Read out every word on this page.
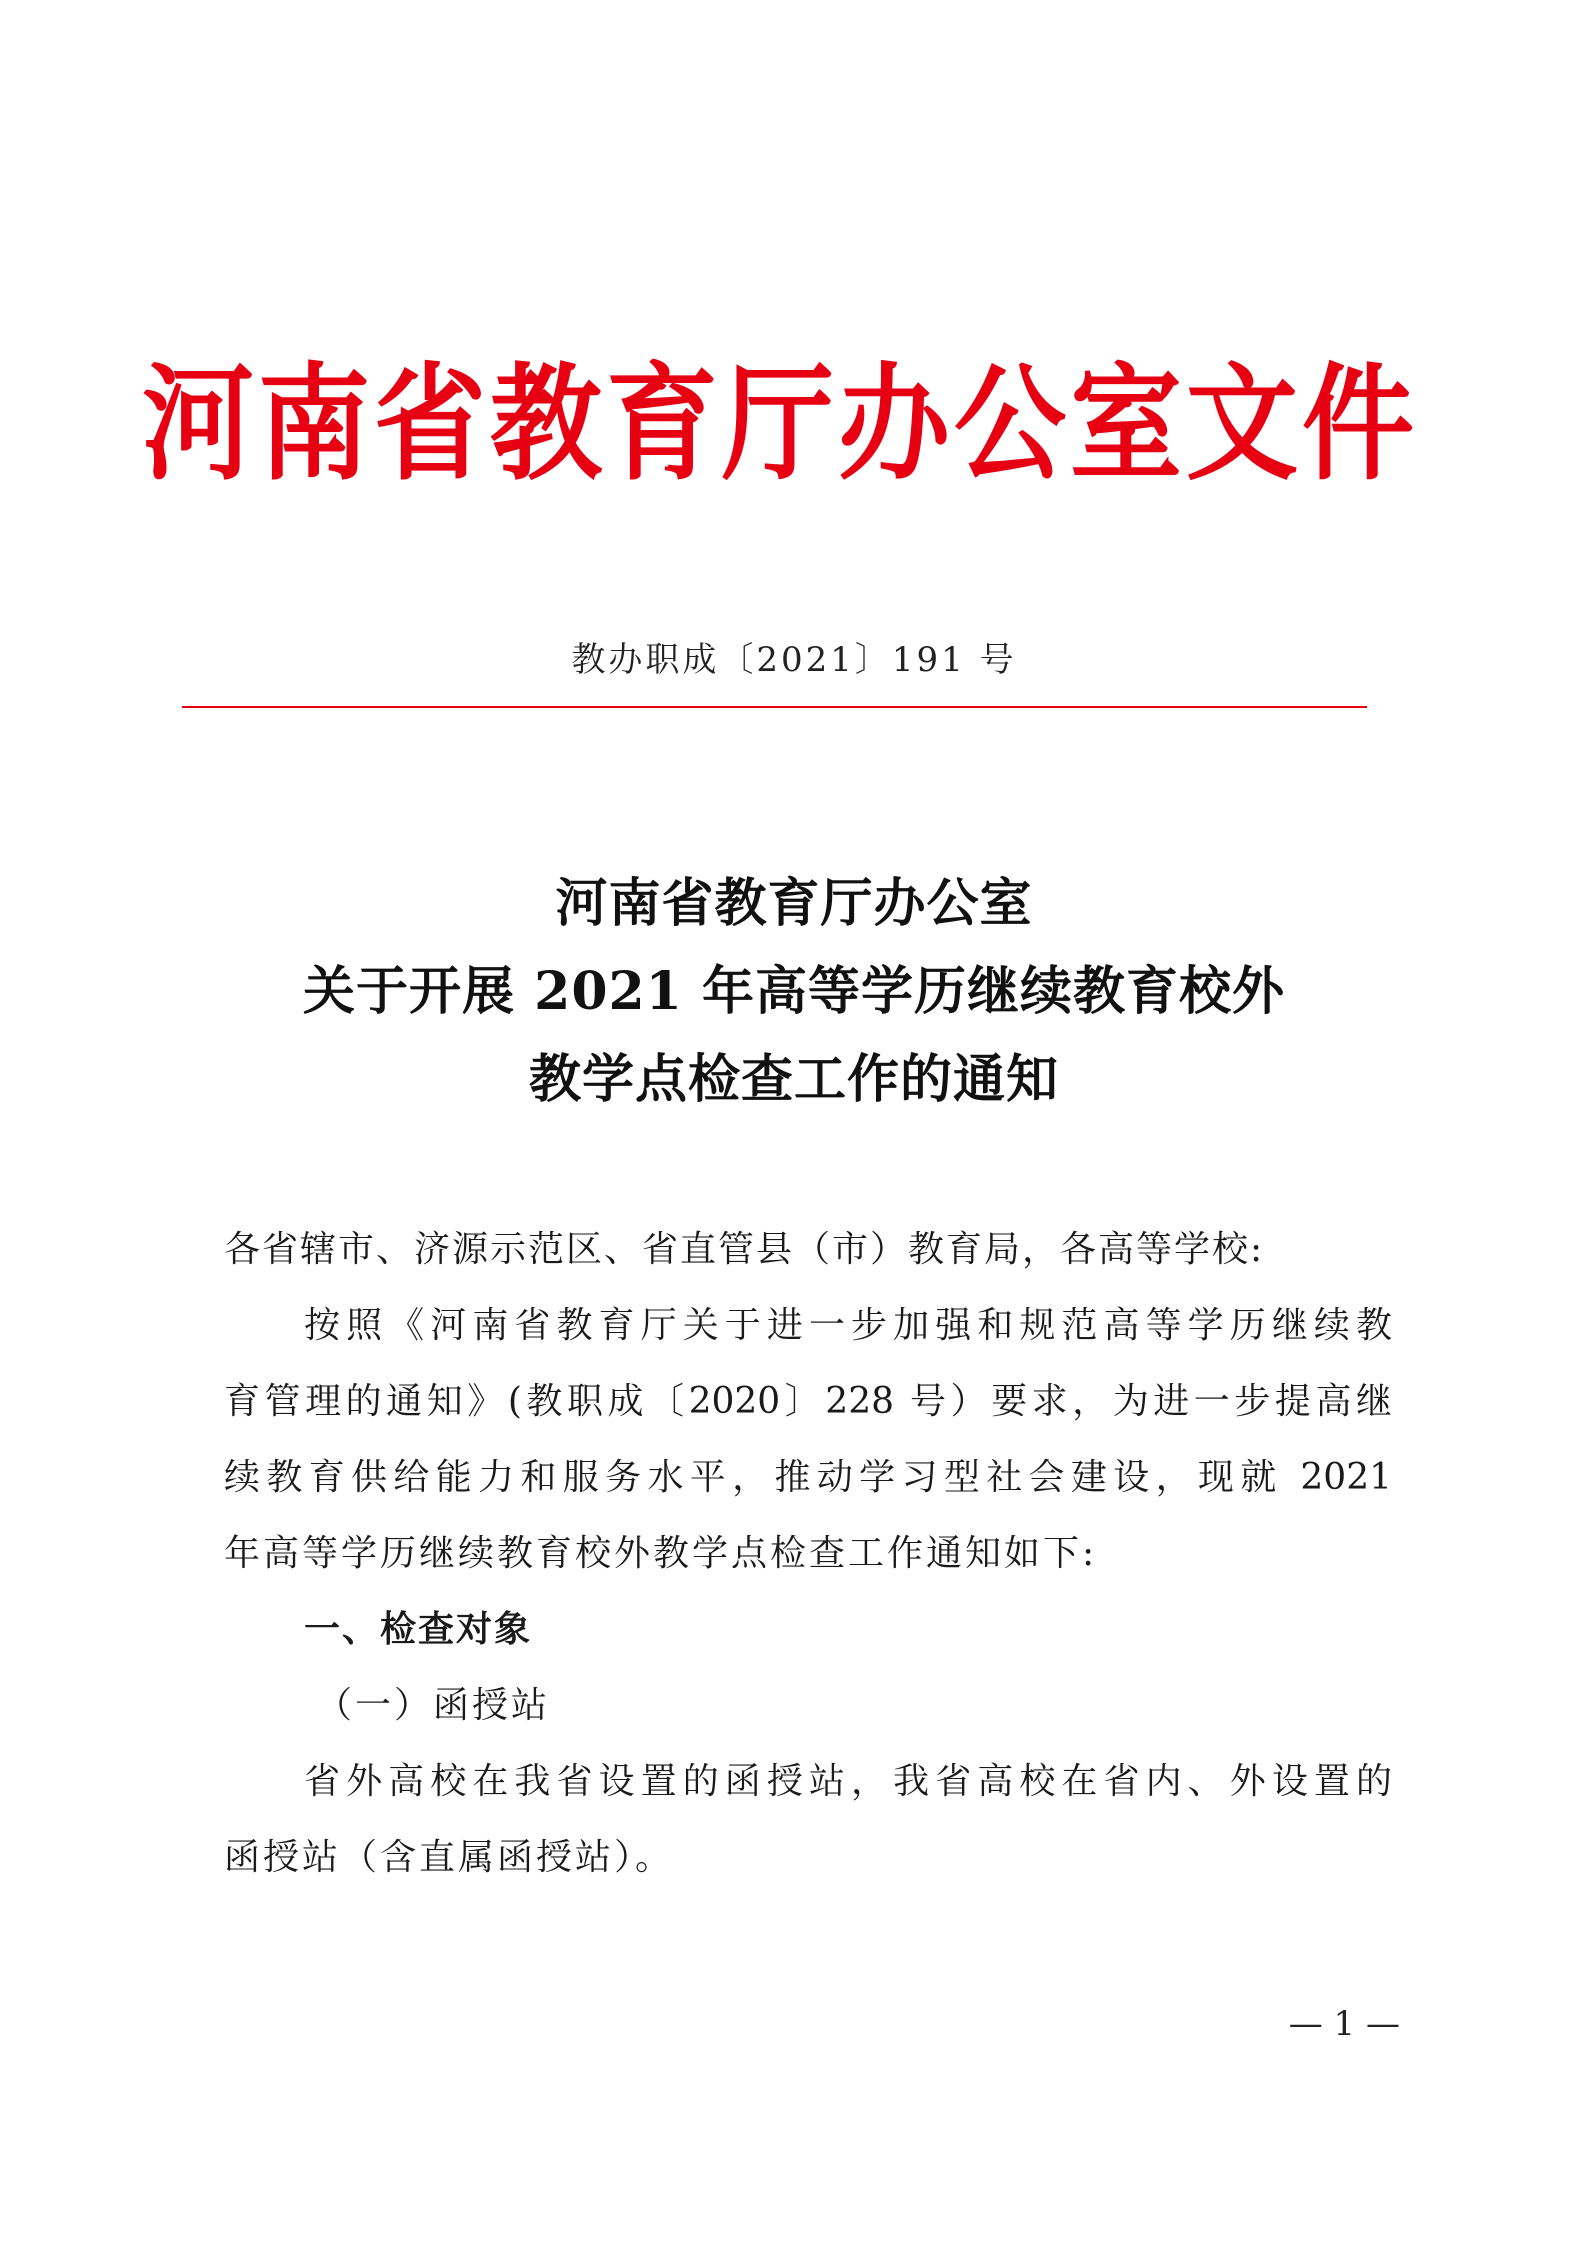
河南省教育厅办公室文件
教办职成〔2021〕191 号
河南省教育厅办公室
关于开展 2021 年高等学历继续教育校外
教学点检查工作的通知
各省辖市、济源示范区、省直管县（市）教育局，各高等学校:
按照《河南省教育厅关于进一步加强和规范高等学历继续教
育管理的通知》(教职成〔2020〕228 号）要求，为进一步提高继
续教育供给能力和服务水平，推动学习型社会建设，现就 2021
年高等学历继续教育校外教学点检查工作通知如下:
一、检查对象
（一）函授站
省外高校在我省设置的函授站，我省高校在省内、外设置的
函授站（含直属函授站）。
— 1 —
